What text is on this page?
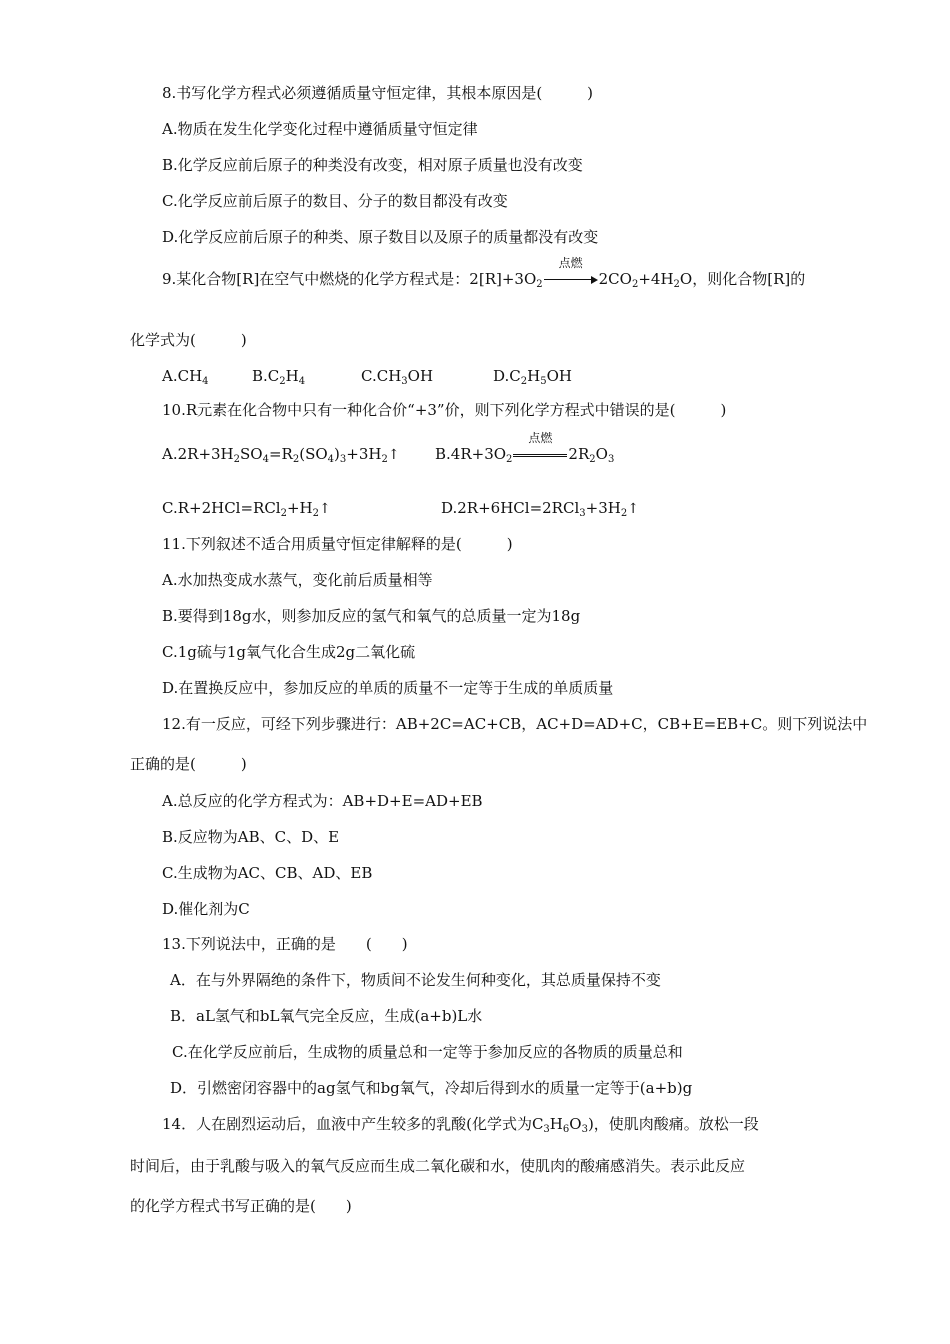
8.书写化学方程式必须遵循质量守恒定律，其根本原因是(　　　)
A.物质在发生化学变化过程中遵循质量守恒定律
B.化学反应前后原子的种类没有改变，相对原子质量也没有改变
C.化学反应前后原子的数目、分子的数目都没有改变
D.化学反应前后原子的种类、原子数目以及原子的质量都没有改变
9.某化合物[R]在空气中燃烧的化学方程式是：$2[R]+3O_2$
点燃
$2CO_2+4H_2O$，则化合物[R]的
化学式为(　　　)
$A.CH_4$	$B.C_2H_4$	$C.CH_3OH$	$D.C_2H_5OH$
10.R元素在化合物中只有一种化合价“+3”价，则下列化学方程式中错误的是(　　　)
$A.2R+3H_2SO_4=R_2(SO_4)_3+3H_2↑$ $B.4R+3O_2$
点燃
$2R_2O_3$
$C.R+2HCl=RCl_2+H_2↑$	$D.2R+6HCl=2RCl_3+3H_2↑$
11.下列叙述不适合用质量守恒定律解释的是(　　　)
A.水加热变成水蒸气，变化前后质量相等
B.要得到18g水，则参加反应的氢气和氧气的总质量一定为18g
C.1g硫与1g氧气化合生成2g二氧化硫
D.在置换反应中，参加反应的单质的质量不一定等于生成的单质质量
12.有一反应，可经下列步骤进行：AB+2C=AC+CB，AC+D=AD+C，CB+E=EB+C。则下列说法中
正确的是(　　　)
A.总反应的化学方程式为：AB+D+E=AD+EB
B.反应物为AB、C、D、E
C.生成物为AC、CB、AD、EB
D.催化剂为C
13.下列说法中，正确的是　　(　　)
A．在与外界隔绝的条件下，物质间不论发生何种变化，其总质量保持不变
B．aL氢气和bL氧气完全反应，生成(a+b)L水
C.在化学反应前后，生成物的质量总和一定等于参加反应的各物质的质量总和
D．引燃密闭容器中的ag氢气和bg氧气，冷却后得到水的质量一定等于(a+b)g
14．人在剧烈运动后，血液中产生较多的乳酸(化学式为$C_3H_6O_3$)，使肌肉酸痛。放松一段
时间后，由于乳酸与吸入的氧气反应而生成二氧化碳和水，使肌肉的酸痛感消失。表示此反应
的化学方程式书写正确的是(　　)
